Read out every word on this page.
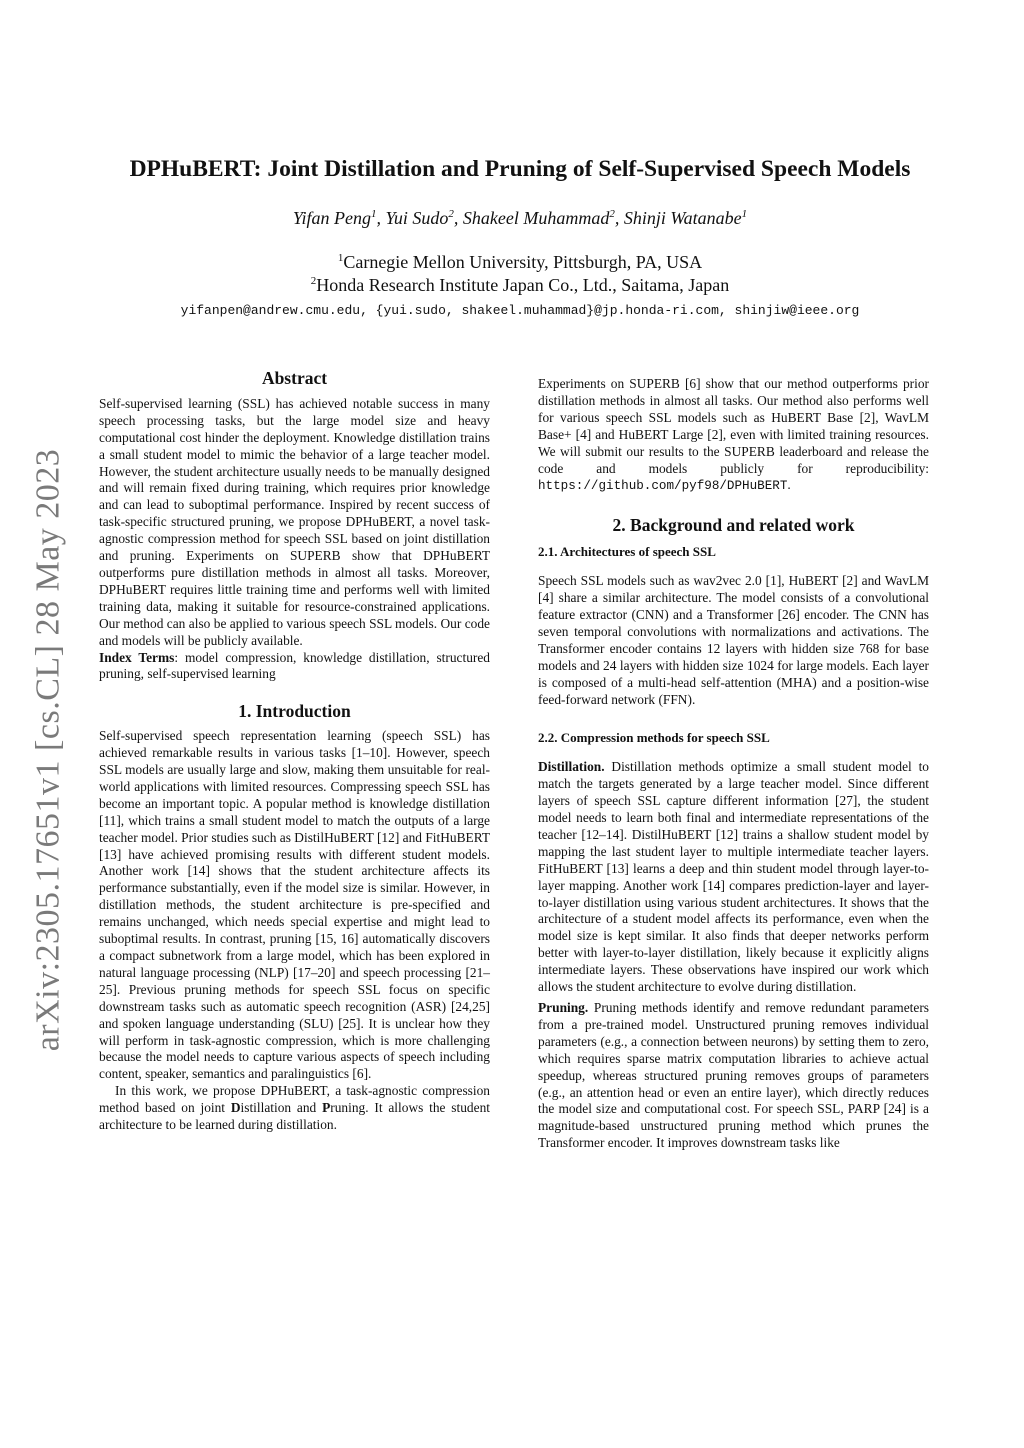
arXiv:2305.17651v1 [cs.CL] 28 May 2023
DPHuBERT: Joint Distillation and Pruning of Self-Supervised Speech Models
Yifan Peng$^1$, Yui Sudo$^2$, Shakeel Muhammad$^2$, Shinji Watanabe$^1$
$^1$Carnegie Mellon University, Pittsburgh, PA, USA
$^2$Honda Research Institute Japan Co., Ltd., Saitama, Japan
yifanpen@andrew.cmu.edu, {yui.sudo, shakeel.muhammad}@jp.honda-ri.com, shinjiw@ieee.org
Abstract

Self-supervised learning (SSL) has achieved notable success in many speech processing tasks, but the large model size and heavy computational cost hinder the deployment. Knowledge distillation trains a small student model to mimic the behavior of a large teacher model. However, the student architecture usually needs to be manually designed and will remain fixed during training, which requires prior knowledge and can lead to suboptimal performance. Inspired by recent success of task-specific structured pruning, we propose DPHuBERT, a novel task-agnostic compression method for speech SSL based on joint distillation and pruning. Experiments on SUPERB show that DPHuBERT outperforms pure distillation methods in almost all tasks. Moreover, DPHuBERT requires little training time and performs well with limited training data, making it suitable for resource-constrained applications. Our method can also be applied to various speech SSL models. Our code and models will be publicly available.

Index Terms: model compression, knowledge distillation, structured pruning, self-supervised learning

1. Introduction

Self-supervised speech representation learning (speech SSL) has achieved remarkable results in various tasks [1–10]. However, speech SSL models are usually large and slow, making them unsuitable for real-world applications with limited resources. Compressing speech SSL has become an important topic. A popular method is knowledge distillation [11], which trains a small student model to match the outputs of a large teacher model. Prior studies such as DistilHuBERT [12] and FitHuBERT [13] have achieved promising results with different student models. Another work [14] shows that the student architecture affects its performance substantially, even if the model size is similar. However, in distillation methods, the student architecture is pre-specified and remains unchanged, which needs special expertise and might lead to suboptimal results. In contrast, pruning [15, 16] automatically discovers a compact subnetwork from a large model, which has been explored in natural language processing (NLP) [17–20] and speech processing [21–25]. Previous pruning methods for speech SSL focus on specific downstream tasks such as automatic speech recognition (ASR) [24,25] and spoken language understanding (SLU) [25]. It is unclear how they will perform in task-agnostic compression, which is more challenging because the model needs to capture various aspects of speech including content, speaker, semantics and paralinguistics [6].

In this work, we propose DPHuBERT, a task-agnostic compression method based on joint Distillation and Pruning. It allows the student architecture to be learned during distillation.

Experiments on SUPERB [6] show that our method outperforms prior distillation methods in almost all tasks. Our method also performs well for various speech SSL models such as HuBERT Base [2], WavLM Base+ [4] and HuBERT Large [2], even with limited training resources. We will submit our results to the SUPERB leaderboard and release the code and models publicly for reproducibility: https://github.com/pyf98/DPHuBERT.

2. Background and related work
2.1. Architectures of speech SSL

Speech SSL models such as wav2vec 2.0 [1], HuBERT [2] and WavLM [4] share a similar architecture. The model consists of a convolutional feature extractor (CNN) and a Transformer [26] encoder. The CNN has seven temporal convolutions with normalizations and activations. The Transformer encoder contains 12 layers with hidden size 768 for base models and 24 layers with hidden size 1024 for large models. Each layer is composed of a multi-head self-attention (MHA) and a position-wise feed-forward network (FFN).

2.2. Compression methods for speech SSL

Distillation. Distillation methods optimize a small student model to match the targets generated by a large teacher model. Since different layers of speech SSL capture different information [27], the student model needs to learn both final and intermediate representations of the teacher [12–14]. DistilHuBERT [12] trains a shallow student model by mapping the last student layer to multiple intermediate teacher layers. FitHuBERT [13] learns a deep and thin student model through layer-to-layer mapping. Another work [14] compares prediction-layer and layer-to-layer distillation using various student architectures. It shows that the architecture of a student model affects its performance, even when the model size is kept similar. It also finds that deeper networks perform better with layer-to-layer distillation, likely because it explicitly aligns intermediate layers. These observations have inspired our work which allows the student architecture to evolve during distillation.

Pruning. Pruning methods identify and remove redundant parameters from a pre-trained model. Unstructured pruning removes individual parameters (e.g., a connection between neurons) by setting them to zero, which requires sparse matrix computation libraries to achieve actual speedup, whereas structured pruning removes groups of parameters (e.g., an attention head or even an entire layer), which directly reduces the model size and computational cost. For speech SSL, PARP [24] is a magnitude-based unstructured pruning method which prunes the Transformer encoder. It improves downstream tasks like
